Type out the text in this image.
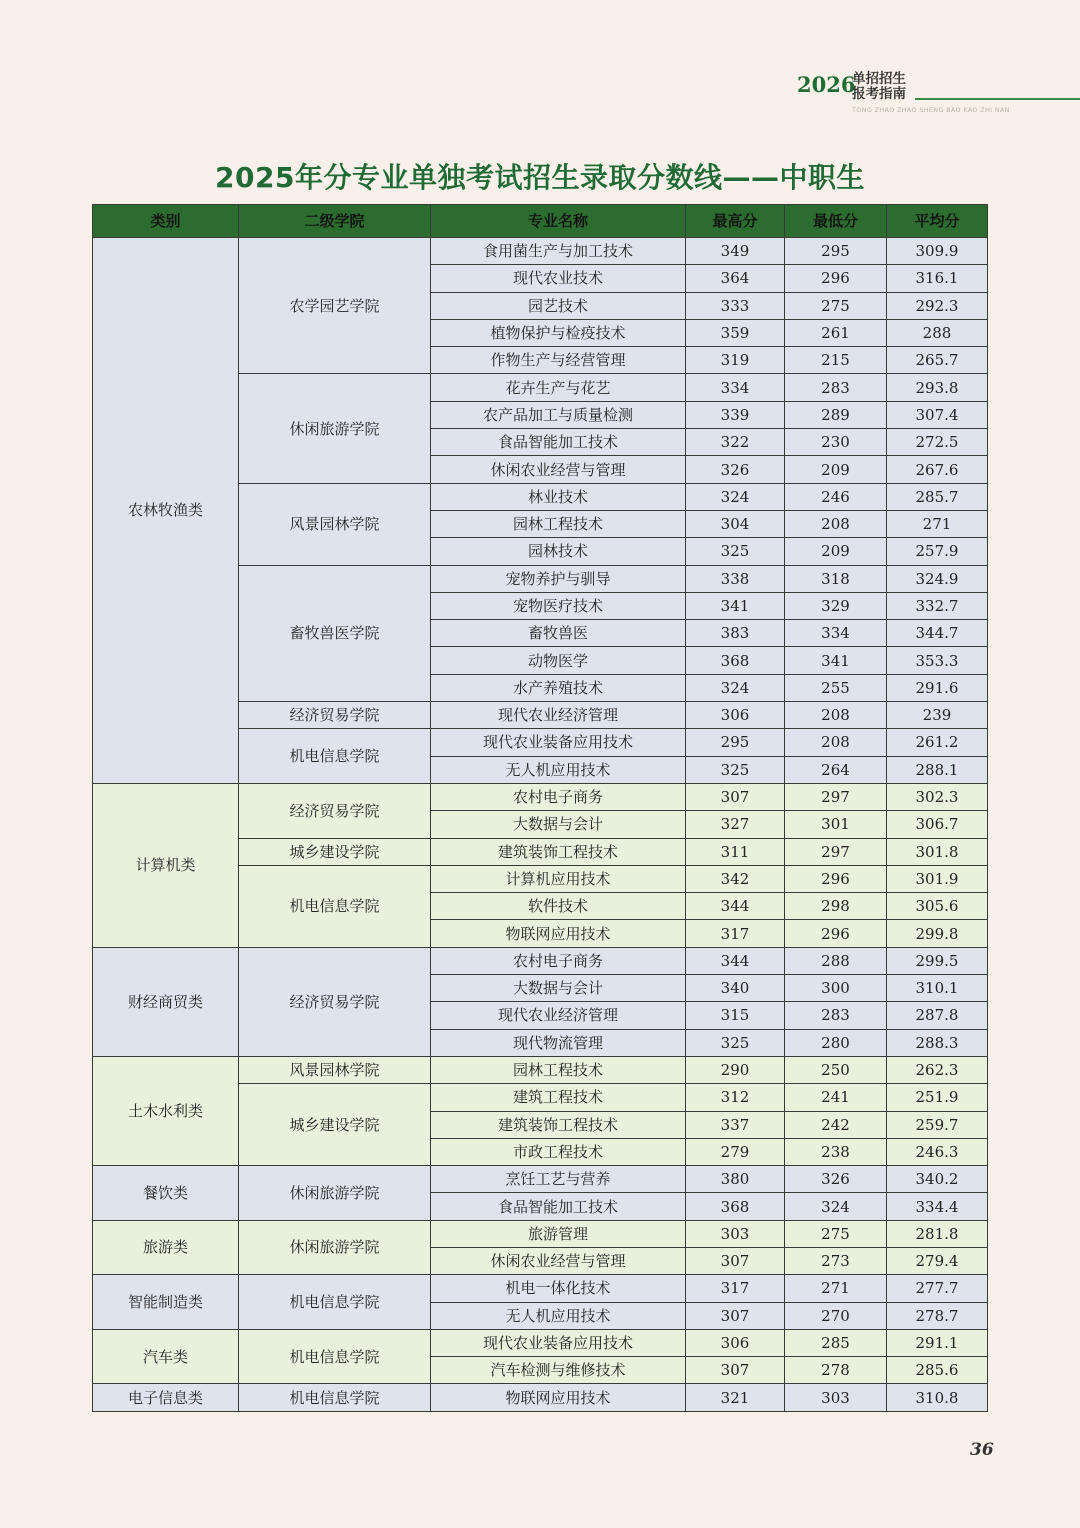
2026
单招招生
报考指南
TONG ZHAO ZHAO SHENG BAO KAO ZHI NAN
2025年分专业单独考试招生录取分数线——中职生
类别	二级学院	专业名称	最高分	最低分	平均分
农林牧渔类	农学园艺学院	食用菌生产与加工技术	349	295	309.9
		现代农业技术	364	296	316.1
		园艺技术	333	275	292.3
		植物保护与检疫技术	359	261	288
		作物生产与经营管理	319	215	265.7
	休闲旅游学院	花卉生产与花艺	334	283	293.8
		农产品加工与质量检测	339	289	307.4
		食品智能加工技术	322	230	272.5
		休闲农业经营与管理	326	209	267.6
	风景园林学院	林业技术	324	246	285.7
		园林工程技术	304	208	271
		园林技术	325	209	257.9
	畜牧兽医学院	宠物养护与驯导	338	318	324.9
		宠物医疗技术	341	329	332.7
		畜牧兽医	383	334	344.7
		动物医学	368	341	353.3
		水产养殖技术	324	255	291.6
	经济贸易学院	现代农业经济管理	306	208	239
	机电信息学院	现代农业装备应用技术	295	208	261.2
		无人机应用技术	325	264	288.1
计算机类	经济贸易学院	农村电子商务	307	297	302.3
		大数据与会计	327	301	306.7
	城乡建设学院	建筑装饰工程技术	311	297	301.8
	机电信息学院	计算机应用技术	342	296	301.9
		软件技术	344	298	305.6
		物联网应用技术	317	296	299.8
财经商贸类	经济贸易学院	农村电子商务	344	288	299.5
		大数据与会计	340	300	310.1
		现代农业经济管理	315	283	287.8
		现代物流管理	325	280	288.3
土木水利类	风景园林学院	园林工程技术	290	250	262.3
	城乡建设学院	建筑工程技术	312	241	251.9
		建筑装饰工程技术	337	242	259.7
		市政工程技术	279	238	246.3
餐饮类	休闲旅游学院	烹饪工艺与营养	380	326	340.2
		食品智能加工技术	368	324	334.4
旅游类	休闲旅游学院	旅游管理	303	275	281.8
		休闲农业经营与管理	307	273	279.4
智能制造类	机电信息学院	机电一体化技术	317	271	277.7
		无人机应用技术	307	270	278.7
汽车类	机电信息学院	现代农业装备应用技术	306	285	291.1
		汽车检测与维修技术	307	278	285.6
电子信息类	机电信息学院	物联网应用技术	321	303	310.8
36
